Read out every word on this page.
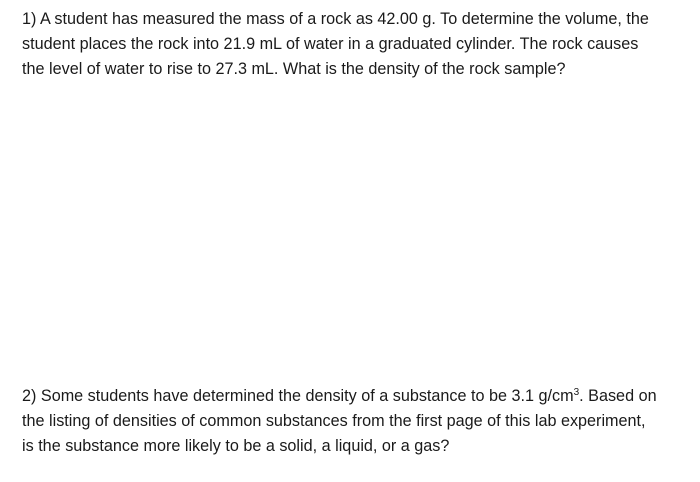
1) A student has measured the mass of a rock as 42.00 g. To determine the volume, the
student places the rock into 21.9 mL of water in a graduated cylinder. The rock causes
the level of water to rise to 27.3 mL. What is the density of the rock sample?
2) Some students have determined the density of a substance to be 3.1 $g/cm^3$. Based on
the listing of densities of common substances from the first page of this lab experiment,
is the substance more likely to be a solid, a liquid, or a gas?
